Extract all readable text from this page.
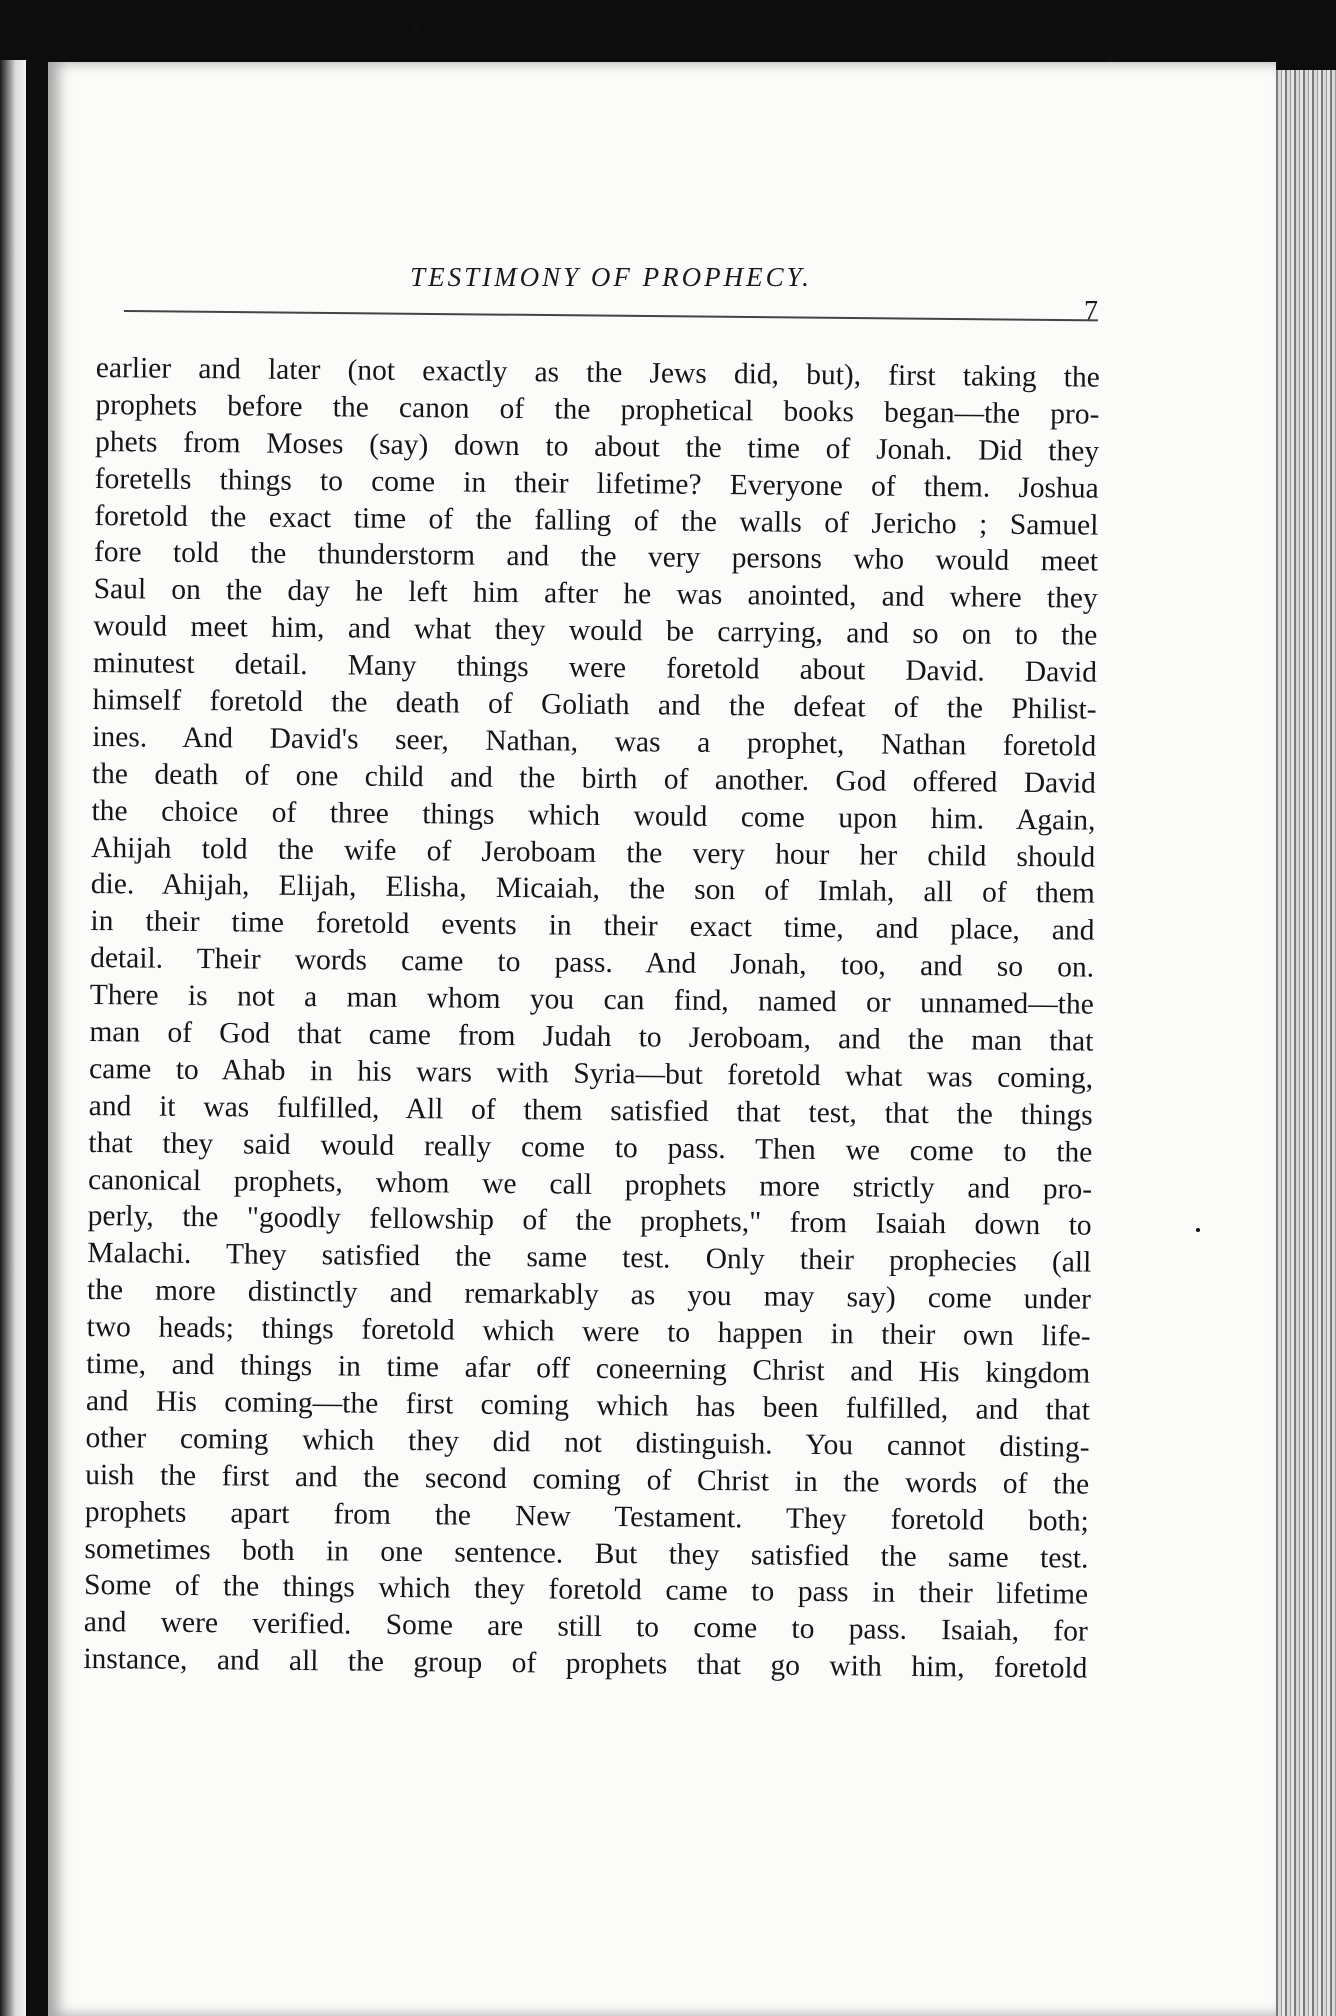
TESTIMONY OF PROPHECY.
7
earlier and later (not exactly as the Jews did, but), first taking the
prophets before the canon of the prophetical books began—the pro-
phets from Moses (say) down to about the time of Jonah. Did they
foretells things to come in their lifetime? Everyone of them. Joshua
foretold the exact time of the falling of the walls of Jericho ; Samuel
fore told the thunderstorm and the very persons who would meet
Saul on the day he left him after he was anointed, and where they
would meet him, and what they would be carrying, and so on to the
minutest detail. Many things were foretold about David. David
himself foretold the death of Goliath and the defeat of the Philist-
ines. And David's seer, Nathan, was a prophet, Nathan foretold
the death of one child and the birth of another. God offered David
the choice of three things which would come upon him. Again,
Ahijah told the wife of Jeroboam the very hour her child should
die. Ahijah, Elijah, Elisha, Micaiah, the son of Imlah, all of them
in their time foretold events in their exact time, and place, and
detail. Their words came to pass. And Jonah, too, and so on.
There is not a man whom you can find, named or unnamed—the
man of God that came from Judah to Jeroboam, and the man that
came to Ahab in his wars with Syria—but foretold what was coming,
and it was fulfilled, All of them satisfied that test, that the things
that they said would really come to pass. Then we come to the
canonical prophets, whom we call prophets more strictly and pro-
perly, the "goodly fellowship of the prophets," from Isaiah down to
Malachi. They satisfied the same test. Only their prophecies (all
the more distinctly and remarkably as you may say) come under
two heads; things foretold which were to happen in their own life-
time, and things in time afar off coneerning Christ and His kingdom
and His coming—the first coming which has been fulfilled, and that
other coming which they did not distinguish. You cannot disting-
uish the first and the second coming of Christ in the words of the
prophets apart from the New Testament. They foretold both;
sometimes both in one sentence. But they satisfied the same test.
Some of the things which they foretold came to pass in their lifetime
and were verified. Some are still to come to pass. Isaiah, for
instance, and all the group of prophets that go with him, foretold
